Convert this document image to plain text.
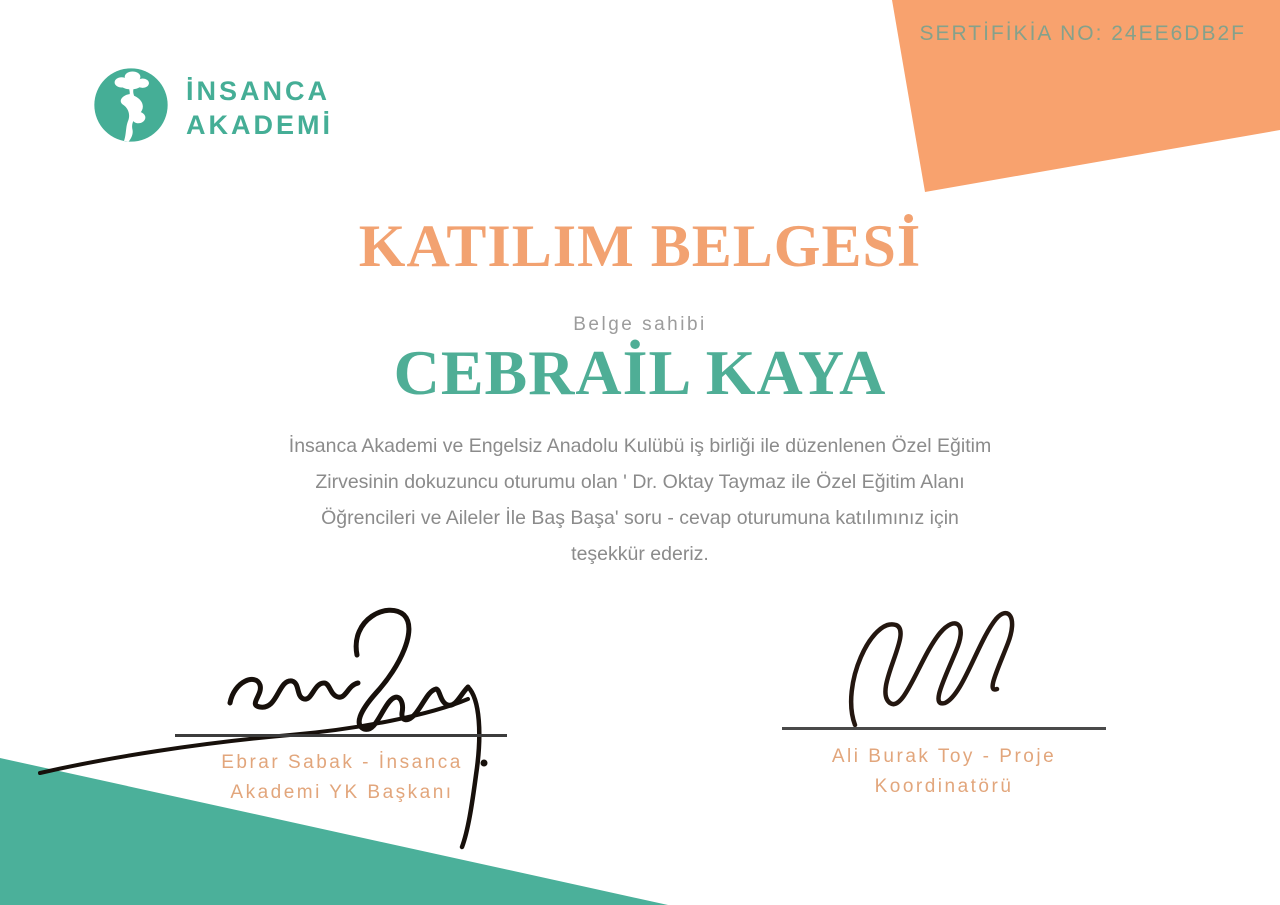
SERTİFİKİA NO: 24EE6DB2F
İNSANCA
AKADEMİ
KATILIM BELGESİ
Belge sahibi
CEBRAİL KAYA
İnsanca Akademi ve Engelsiz Anadolu Kulübü iş birliği ile düzenlenen Özel Eğitim
Zirvesinin dokuzuncu oturumu olan ' Dr. Oktay Taymaz ile Özel Eğitim Alanı
Öğrencileri ve Aileler İle Baş Başa' soru - cevap oturumuna katılımınız için
teşekkür ederiz.
Ebrar Sabak - İnsanca
Akademi YK Başkanı
Ali Burak Toy - Proje
Koordinatörü
